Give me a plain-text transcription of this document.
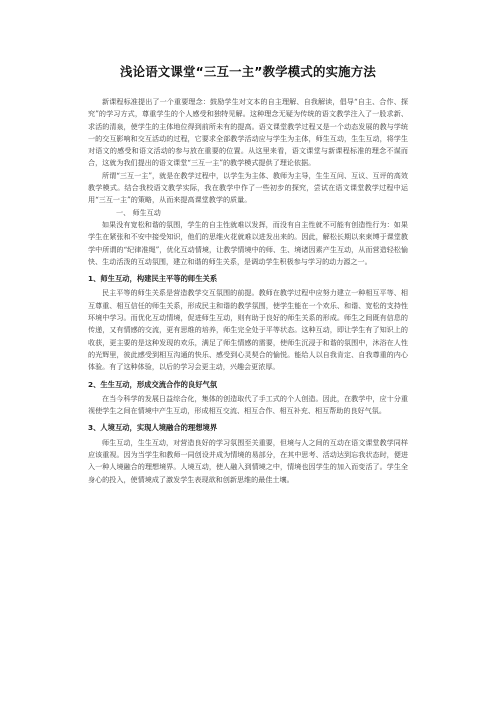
浅论语文课堂“三互一主”教学模式的实施方法

新课程标准提出了一个重要理念：鼓励学生对文本的自主理解、自我解读，倡导“自主、合作、探究”的学习方式，尊重学生的个人感受和独特见解。这种理念无疑为传统的语文教学注入了一股求新、求活的清泉，使学生的主体地位得到前所未有的提高。语文课堂教学过程又是一个动态发展的教与学统一的交互影响和交互活动的过程，它要求全部教学活动应与学生为主体，师生互动，生生互动，将学生对语文的感受和语文活动的参与放在重要的位置。从这里来看，语文课堂与新课程标准的理念不谋而合，这就为我们提出的语文课堂“三互一主”的教学模式提供了理论依据。

所谓“三互一主”，就是在教学过程中，以学生为主体、教师为主导，生生互问、互议、互评的高效教学模式。结合我校语文教学实际，我在教学中作了一些初步的探究，尝试在语文课堂教学过程中运用“三互一主”的策略，从而来提高课堂教学的质量。

一、 师生互动

如果没有宽松和谐的氛围，学生的自主性就难以发挥，而没有自主性就不可能有创造性行为：如果学生在紧张和不安中接受知识，他们的思维火花就难以进发出来的。因此，解松长期以来束缚于课堂教学中所谓的“纪律准绳”，优化互动情境，让教学情境中的师、生、境诸因素产生互动，从而营造轻松愉快、生动活泼的互动氛围，建立和谐的师生关系，是调动学生积极参与学习的动力源之一。

1、师生互动，构建民主平等的师生关系

民主平等的师生关系是营造教学交互氛围的前提。教师在教学过程中应努力建立一种相互平等、相互尊重、相互信任的师生关系，形成民主和谐的教学氛围，使学生能在一个欢乐、和谐、宽松的支持性环境中学习。而优化互动情境，促进师生互动，则有助于良好的师生关系的形成。师生之间既有信息的传递，又有情感的交流，更有思维的培养，师生完全处于平等状态。这种互动，即让学生有了知识上的收获，更主要的是这种发现的欢乐，满足了师生情感的需要，使师生沉浸于和谐的氛围中，沐浴在人性的光辉里，彼此感受到相互沟通的快乐、感受到心灵契合的愉悦。能给人以自我肯定、自我尊重的内心体验。有了这种体验，以后的学习会更主动，兴趣会更浓厚。

2、生生互动，形成交流合作的良好气氛

在当今科学的发展日益综合化，集体的创造取代了手工式的个人创造。因此，在教学中，应十分重视使学生之间在情境中产生互动，形成相互交流、相互合作、相互补充、相互帮助的良好气氛。

3、人境互动，实现人境融合的理想境界

师生互动，生生互动，对营造良好的学习氛围至关重要，但境与人之间的互动在语文课堂教学同样应该重视。因为当学生和教师一同创设并成为情境的易部分，在其中思考、活动达到忘我状态时，便进入一种人境融合的理想境界。人境互动，使人融入到情境之中，情境也因学生的加入而变活了。学生全身心的投入，使情境成了激发学生表现欲和创新思维的最佳土壤。
